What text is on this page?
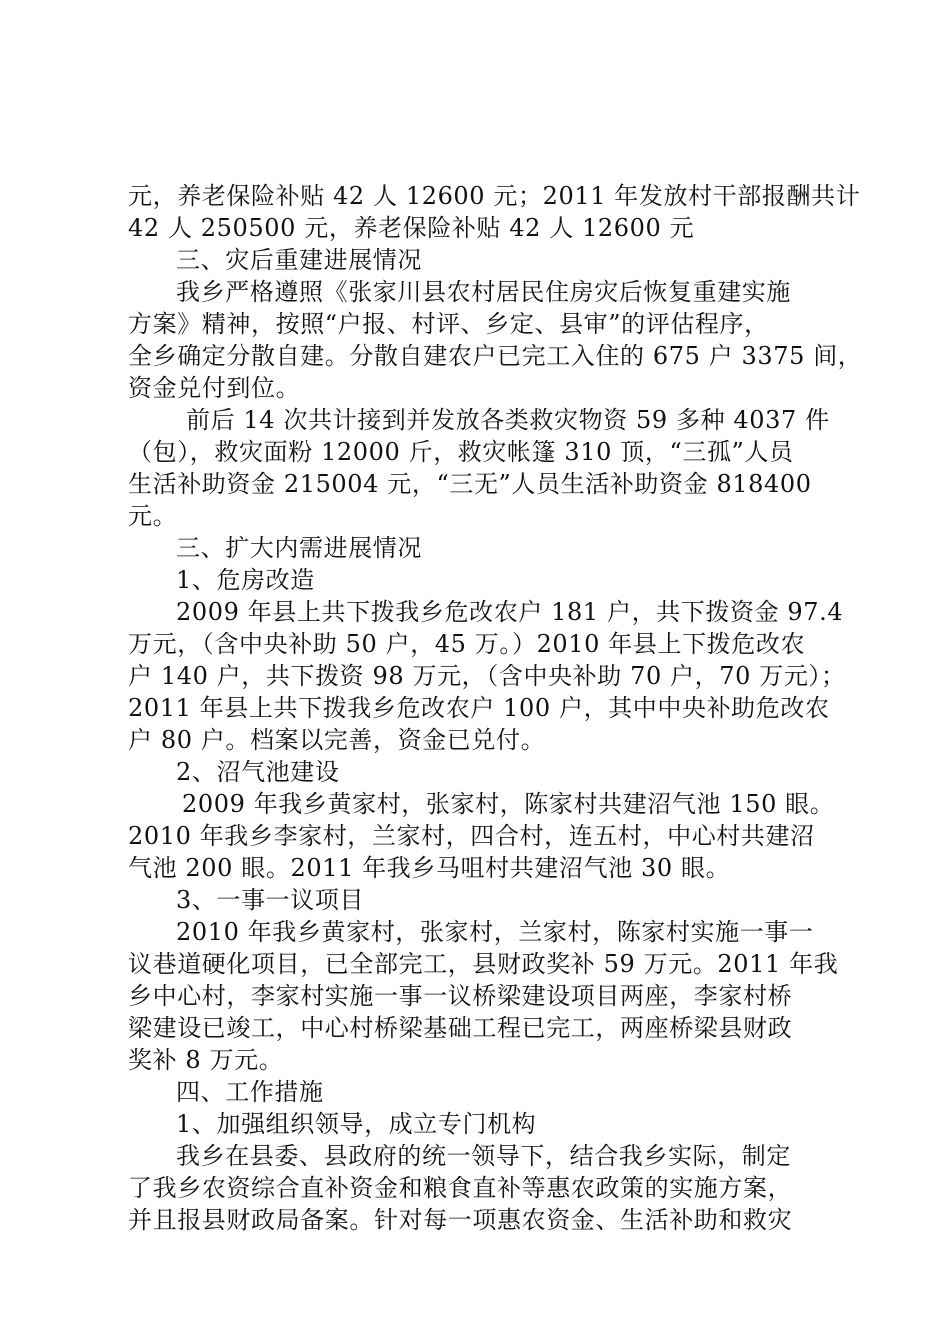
元，养老保险补贴 42 人 12600 元；2011 年发放村干部报酬共计
42 人 250500 元，养老保险补贴 42 人 12600 元
三、灾后重建进展情况
我乡严格遵照《张家川县农村居民住房灾后恢复重建实施
方案》精神，按照“户报、村评、乡定、县审”的评估程序，
全乡确定分散自建。分散自建农户已完工入住的 675 户 3375 间，
资金兑付到位。
前后 14 次共计接到并发放各类救灾物资 59 多种 4037 件
（包），救灾面粉 12000 斤，救灾帐篷 310 顶，“三孤”人员
生活补助资金 215004 元，“三无”人员生活补助资金 818400
元。
三、扩大内需进展情况
1、危房改造
2009 年县上共下拨我乡危改农户 181 户，共下拨资金 97.4
万元，（含中央补助 50 户，45 万。）2010 年县上下拨危改农
户 140 户，共下拨资 98 万元，（含中央补助 70 户，70 万元）；
2011 年县上共下拨我乡危改农户 100 户，其中中央补助危改农
户 80 户。档案以完善，资金已兑付。
2、沼气池建设
2009 年我乡黄家村，张家村，陈家村共建沼气池 150 眼。
2010 年我乡李家村，兰家村，四合村，连五村，中心村共建沼
气池 200 眼。2011 年我乡马咀村共建沼气池 30 眼。
3、一事一议项目
2010 年我乡黄家村，张家村，兰家村，陈家村实施一事一
议巷道硬化项目，已全部完工，县财政奖补 59 万元。2011 年我
乡中心村，李家村实施一事一议桥梁建设项目两座，李家村桥
梁建设已竣工，中心村桥梁基础工程已完工，两座桥梁县财政
奖补 8 万元。
四、工作措施
1、加强组织领导，成立专门机构
我乡在县委、县政府的统一领导下，结合我乡实际，制定
了我乡农资综合直补资金和粮食直补等惠农政策的实施方案，
并且报县财政局备案。针对每一项惠农资金、生活补助和救灾
